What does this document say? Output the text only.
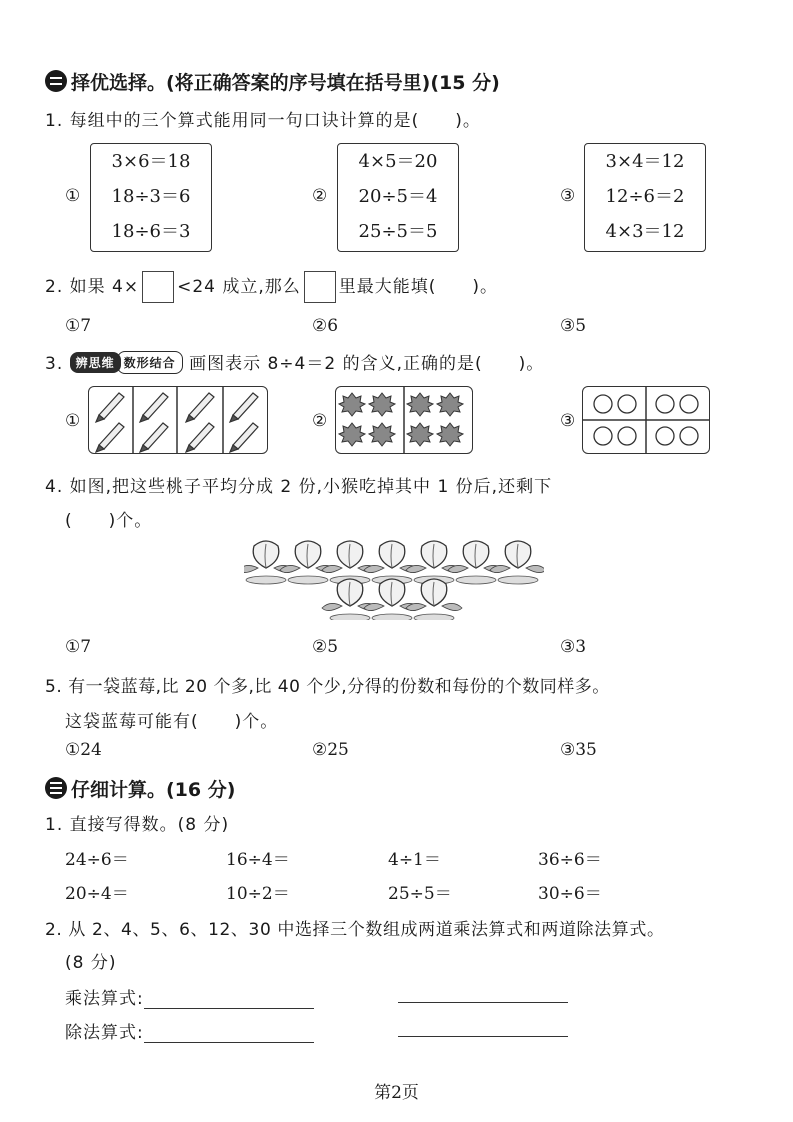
择优选择。(将正确答案的序号填在括号里)(15 分)
1. 每组中的三个算式能用同一句口诀计算的是(　　)。
①
3×6＝18
18÷3＝6
18÷6＝3
②
4×5＝20
20÷5＝4
25÷5＝5
③
3×4＝12
12÷6＝2
4×3＝12
2. 如果 4× <24 成立,那么 里最大能填(　　)。
①7	②6	③5
3. 辨思维 数形结合 画图表示 8÷4＝2 的含义,正确的是(　　)。
①	②	③
4. 如图,把这些桃子平均分成 2 份,小猴吃掉其中 1 份后,还剩下
(　　)个。
①7	②5	③3
5. 有一袋蓝莓,比 20 个多,比 40 个少,分得的份数和每份的个数同样多。
这袋蓝莓可能有(　　)个。
①24	②25	③35
仔细计算。(16 分)
1. 直接写得数。(8 分)
24÷6＝	16÷4＝	4÷1＝	36÷6＝
20÷4＝	10÷2＝	25÷5＝	30÷6＝
2. 从 2、4、5、6、12、30 中选择三个数组成两道乘法算式和两道除法算式。
(8 分)
乘法算式:
除法算式:
第2页
